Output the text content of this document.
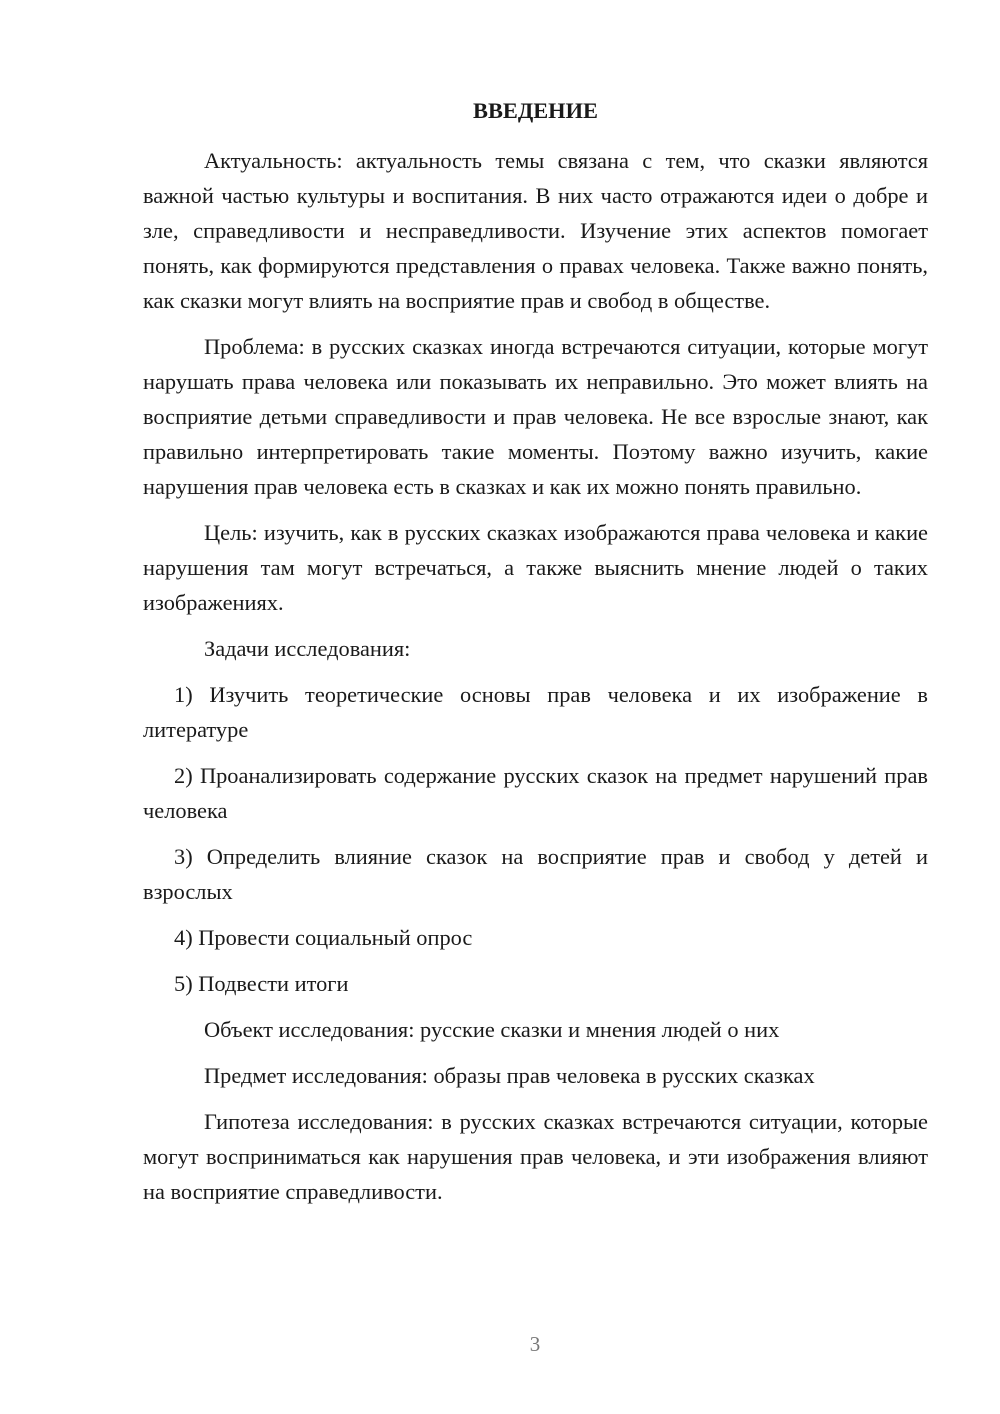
ВВЕДЕНИЕ

Актуальность: актуальность темы связана с тем, что сказки являются важной частью культуры и воспитания. В них часто отражаются идеи о добре и зле, справедливости и несправедливости. Изучение этих аспектов помогает понять, как формируются представления о правах человека. Также важно понять, как сказки могут влиять на восприятие прав и свобод в обществе.

Проблема: в русских сказках иногда встречаются ситуации, которые могут нарушать права человека или показывать их неправильно. Это может влиять на восприятие детьми справедливости и прав человека. Не все взрослые знают, как правильно интерпретировать такие моменты. Поэтому важно изучить, какие нарушения прав человека есть в сказках и как их можно понять правильно.

Цель: изучить, как в русских сказках изображаются права человека и какие нарушения там могут встречаться, а также выяснить мнение людей о таких изображениях.

Задачи исследования:

1) Изучить теоретические основы прав человека и их изображение в литературе

2) Проанализировать содержание русских сказок на предмет нарушений прав человека

3) Определить влияние сказок на восприятие прав и свобод у детей и взрослых

4) Провести социальный опрос

5) Подвести итоги

Объект исследования: русские сказки и мнения людей о них

Предмет исследования: образы прав человека в русских сказках

Гипотеза исследования: в русских сказках встречаются ситуации, которые могут восприниматься как нарушения прав человека, и эти изображения влияют на восприятие справедливости.

3
